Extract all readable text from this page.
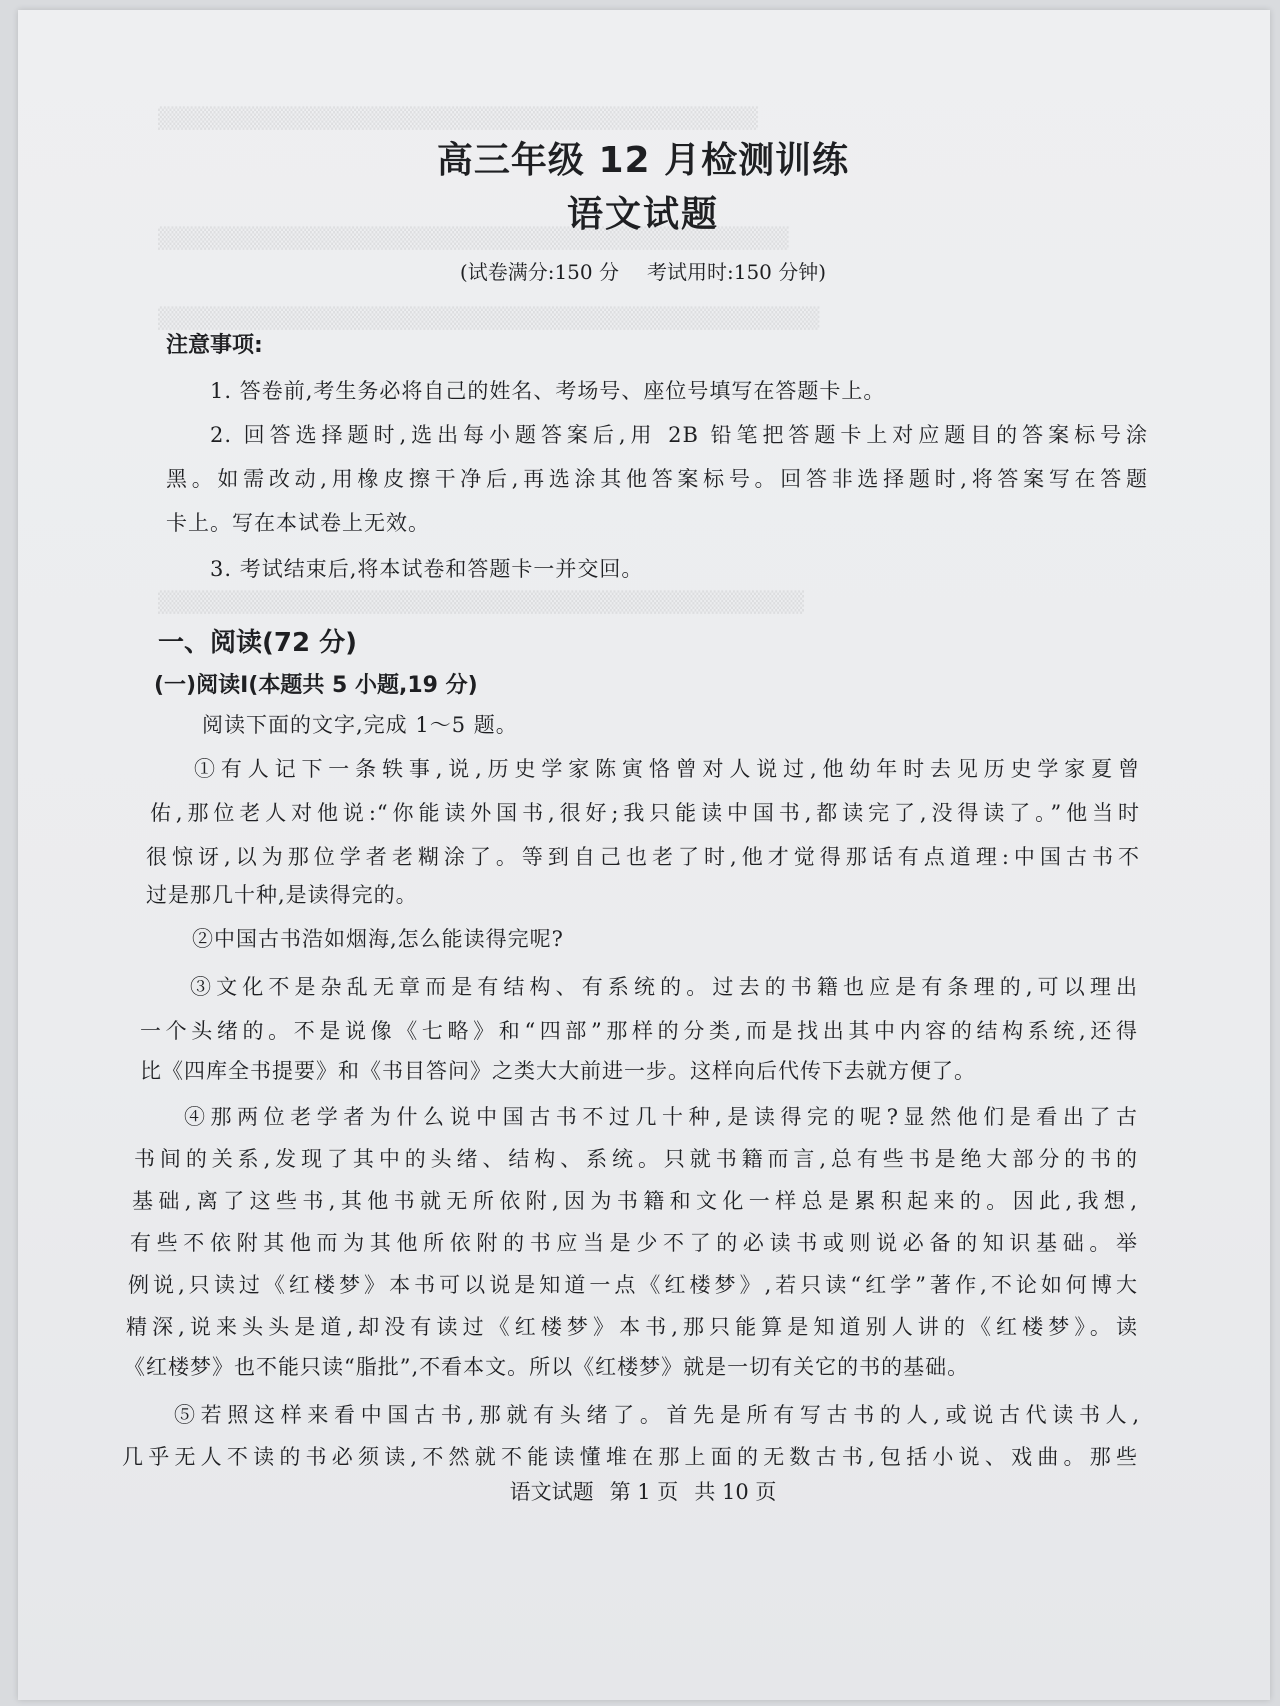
▒▒▒▒▒▒▒▒▒▒▒▒▒▒▒▒▒▒▒▒▒▒▒▒▒▒▒▒▒▒▒▒▒▒▒▒▒▒▒
▒▒▒▒▒▒▒▒▒▒▒▒▒▒▒▒▒▒▒▒▒▒▒▒▒▒▒▒▒▒▒▒▒▒▒▒▒▒▒▒▒
▒▒▒▒▒▒▒▒▒▒▒▒▒▒▒▒▒▒▒▒▒▒▒▒▒▒▒▒▒▒▒▒▒▒▒▒▒▒▒▒▒▒▒
▒▒▒▒▒▒▒▒▒▒▒▒▒▒▒▒▒▒▒▒▒▒▒▒▒▒▒▒▒▒▒▒▒▒▒▒▒▒▒▒▒▒
高三年级 12 月检测训练
语文试题
(试卷满分:150 分 考试用时:150 分钟)
注意事项:
1. 答卷前,考生务必将自己的姓名、考场号、座位号填写在答题卡上。
2. 回答选择题时,选出每小题答案后,用 2B 铅笔把答题卡上对应题目的答案标号涂
黑。如需改动,用橡皮擦干净后,再选涂其他答案标号。回答非选择题时,将答案写在答题
卡上。写在本试卷上无效。
3. 考试结束后,将本试卷和答题卡一并交回。
一、阅读(72 分)
(一)阅读Ⅰ(本题共 5 小题,19 分)
阅读下面的文字,完成 1～5 题。
①有人记下一条轶事,说,历史学家陈寅恪曾对人说过,他幼年时去见历史学家夏曾
佑,那位老人对他说:“你能读外国书,很好;我只能读中国书,都读完了,没得读了。”他当时
很惊讶,以为那位学者老糊涂了。等到自己也老了时,他才觉得那话有点道理:中国古书不
过是那几十种,是读得完的。
②中国古书浩如烟海,怎么能读得完呢?
③文化不是杂乱无章而是有结构、有系统的。过去的书籍也应是有条理的,可以理出
一个头绪的。不是说像《七略》和“四部”那样的分类,而是找出其中内容的结构系统,还得
比《四库全书提要》和《书目答问》之类大大前进一步。这样向后代传下去就方便了。
④那两位老学者为什么说中国古书不过几十种,是读得完的呢?显然他们是看出了古
书间的关系,发现了其中的头绪、结构、系统。只就书籍而言,总有些书是绝大部分的书的
基础,离了这些书,其他书就无所依附,因为书籍和文化一样总是累积起来的。因此,我想,
有些不依附其他而为其他所依附的书应当是少不了的必读书或则说必备的知识基础。举
例说,只读过《红楼梦》本书可以说是知道一点《红楼梦》,若只读“红学”著作,不论如何博大
精深,说来头头是道,却没有读过《红楼梦》本书,那只能算是知道别人讲的《红楼梦》。读
《红楼梦》也不能只读“脂批”,不看本文。所以《红楼梦》就是一切有关它的书的基础。
⑤若照这样来看中国古书,那就有头绪了。首先是所有写古书的人,或说古代读书人,
几乎无人不读的书必须读,不然就不能读懂堆在那上面的无数古书,包括小说、戏曲。那些
语文试题 第 1 页 共 10 页
